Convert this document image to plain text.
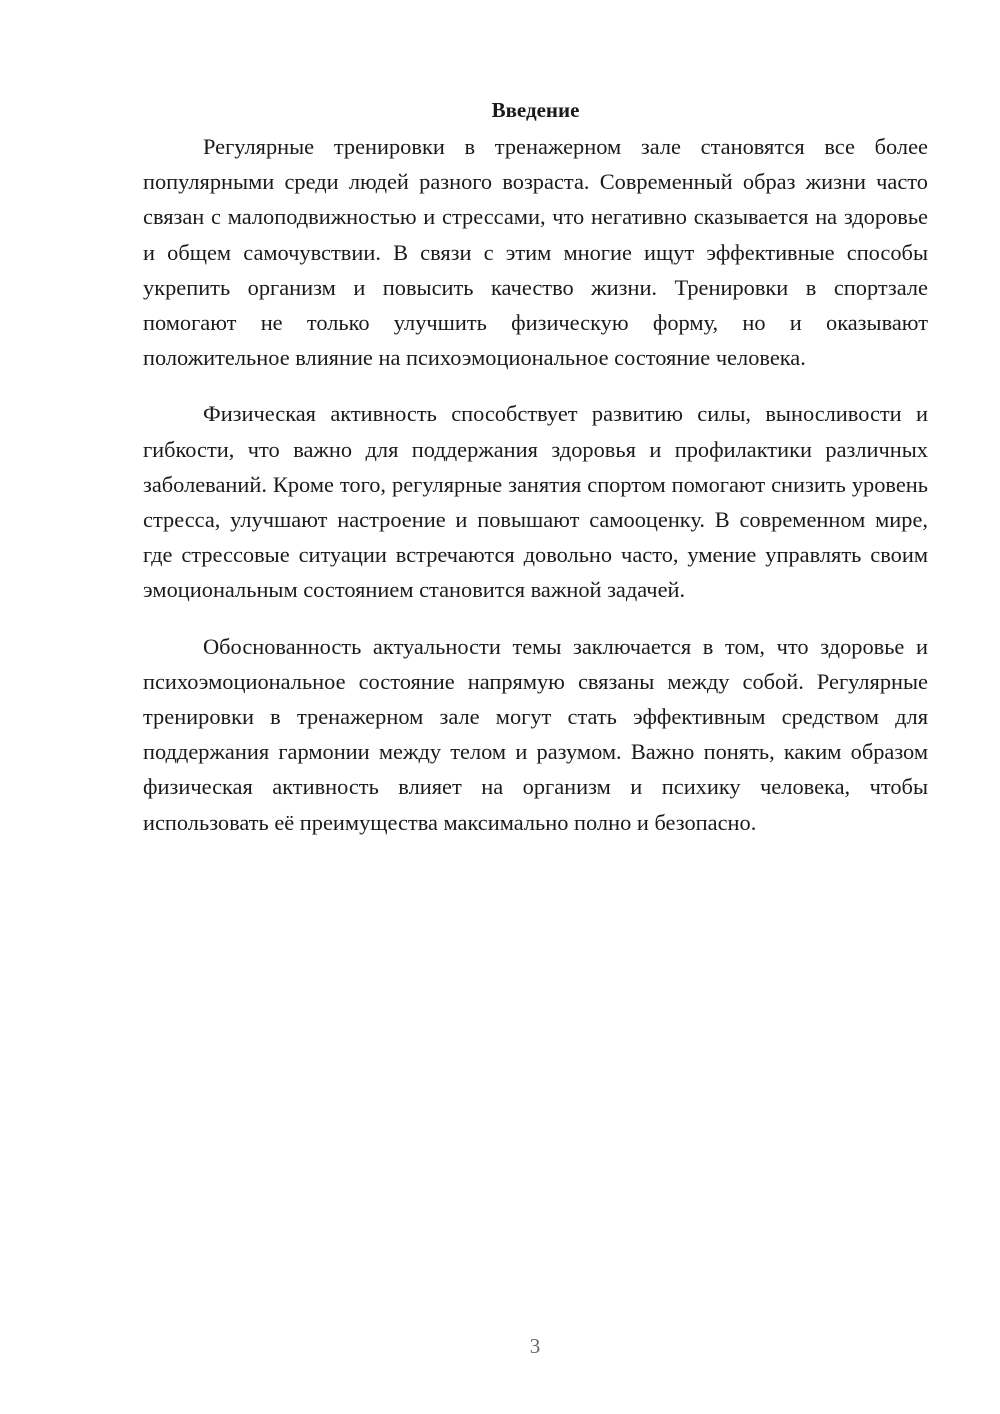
Введение

Регулярные тренировки в тренажерном зале становятся все более популярными среди людей разного возраста. Современный образ жизни часто связан с малоподвижностью и стрессами, что негативно сказывается на здоровье и общем самочувствии. В связи с этим многие ищут эффективные способы укрепить организм и повысить качество жизни. Тренировки в спортзале помогают не только улучшить физическую форму, но и оказывают положительное влияние на психоэмоциональное состояние человека.

Физическая активность способствует развитию силы, выносливости и гибкости, что важно для поддержания здоровья и профилактики различных заболеваний. Кроме того, регулярные занятия спортом помогают снизить уровень стресса, улучшают настроение и повышают самооценку. В современном мире, где стрессовые ситуации встречаются довольно часто, умение управлять своим эмоциональным состоянием становится важной задачей.

Обоснованность актуальности темы заключается в том, что здоровье и психоэмоциональное состояние напрямую связаны между собой. Регулярные тренировки в тренажерном зале могут стать эффективным средством для поддержания гармонии между телом и разумом. Важно понять, каким образом физическая активность влияет на организм и психику человека, чтобы использовать её преимущества максимально полно и безопасно.

3
